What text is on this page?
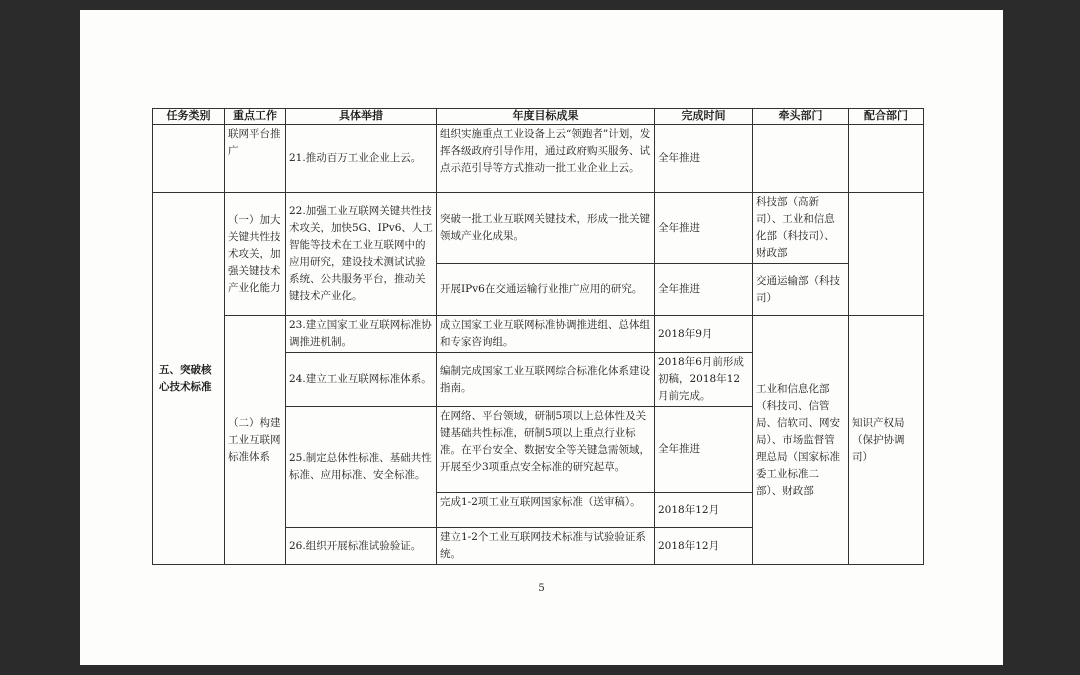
任务类别	重点工作	具体举措	年度目标成果	完成时间	牵头部门	配合部门
	联网平台推广	21.推动百万工业企业上云。	组织实施重点工业设备上云“领跑者”计划，发挥各级政府引导作用，通过政府购买服务、试点示范引导等方式推动一批工业企业上云。	全年推进		
五、突破核心技术标准	（一）加大关键共性技术攻关，加强关键技术产业化能力	22.加强工业互联网关键共性技术攻关，加快5G、IPv6、人工智能等技术在工业互联网中的应用研究，建设技术测试试验系统、公共服务平台，推动关键技术产业化。	突破一批工业互联网关键技术，形成一批关键领域产业化成果。	全年推进	科技部（高新司）、工业和信息化部（科技司）、财政部	
			开展IPv6在交通运输行业推广应用的研究。	全年推进	交通运输部（科技司）	
	（二）构建工业互联网标准体系	23.建立国家工业互联网标准协调推进机制。	成立国家工业互联网标准协调推进组、总体组和专家咨询组。	2018年9月	工业和信息化部（科技司、信管局、信软司、网安局）、市场监督管理总局（国家标准委工业标准二部）、财政部	知识产权局（保护协调司）
		24.建立工业互联网标准体系。	编制完成国家工业互联网综合标准化体系建设指南。	2018年6月前形成初稿，2018年12月前完成。		
		25.制定总体性标准、基础共性标准、应用标准、安全标准。	在网络、平台领域，研制5项以上总体性及关键基础共性标准，研制5项以上重点行业标准。在平台安全、数据安全等关键急需领域，开展至少3项重点安全标准的研究起草。	全年推进		
			完成1-2项工业互联网国家标准（送审稿）。	2018年12月		
		26.组织开展标准试验验证。	建立1-2个工业互联网技术标准与试验验证系统。	2018年12月		
5
